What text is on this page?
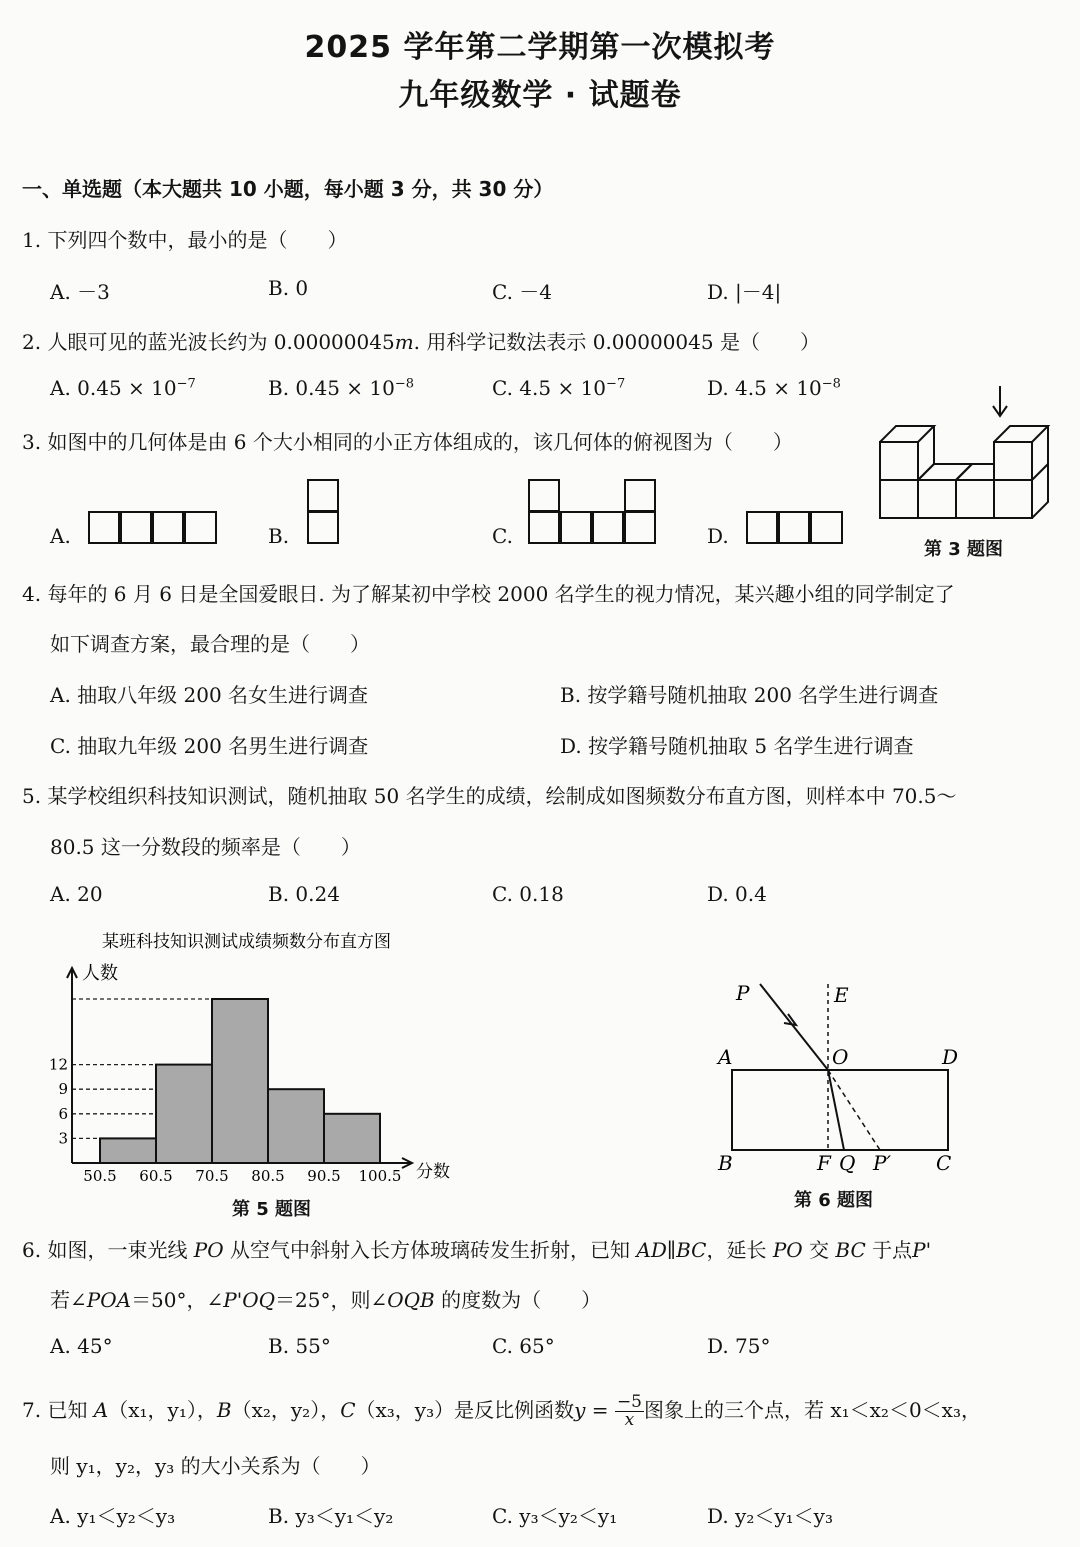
2025 学年第二学期第一次模拟考
九年级数学 · 试题卷
一、单选题（本大题共 10 小题，每小题 3 分，共 30 分）
1. 下列四个数中，最小的是（　　）
A. －3	B. 0	C. －4	D. |－4|
2. 人眼可见的蓝光波长约为 0.00000045m. 用科学记数法表示 0.00000045 是（　　）
A. $0.45 \times 10^{-7}$	B. $0.45 \times 10^{-8}$	C. $4.5 \times 10^{-7}$	D. $4.5 \times 10^{-8}$
3. 如图中的几何体是由 6 个大小相同的小正方体组成的，该几何体的俯视图为（　　）
A.	B.	C.	D.
第 3 题图
4. 每年的 6 月 6 日是全国爱眼日. 为了解某初中学校 2000 名学生的视力情况，某兴趣小组的同学制定了
如下调查方案，最合理的是（　　）
A. 抽取八年级 200 名女生进行调查	B. 按学籍号随机抽取 200 名学生进行调查
C. 抽取九年级 200 名男生进行调查	D. 按学籍号随机抽取 5 名学生进行调查
5. 某学校组织科技知识测试，随机抽取 50 名学生的成绩，绘制成如图频数分布直方图，则样本中 70.5～
80.5 这一分数段的频率是（　　）
A. 20	B. 0.24	C. 0.18	D. 0.4
某班科技知识测试成绩频数分布直方图
3
6
9
12
50.5 60.5 70.5 80.5 90.5 100.5
人数
分数
第 5 题图
P	E
A	O	D
B	F Q P′ C
第 6 题图
6. 如图，一束光线 PO 从空气中斜射入长方体玻璃砖发生折射，已知 AD∥BC，延长 PO 交 BC 于点P'
若∠POA＝50°，∠P'OQ＝25°，则∠OQB 的度数为（　　）
A. 45°	B. 55°	C. 65°	D. 75°
7. 已知 A（x₁，y₁），B（x₂，y₂），C（x₃，y₃）是反比例函数$y = \frac{-5}{x}$ 图象上的三个点，若 x₁＜x₂＜0＜x₃，
则 y₁，y₂，y₃ 的大小关系为（　　）
A. y₁＜y₂＜y₃	B. y₃＜y₁＜y₂	C. y₃＜y₂＜y₁	D. y₂＜y₁＜y₃
